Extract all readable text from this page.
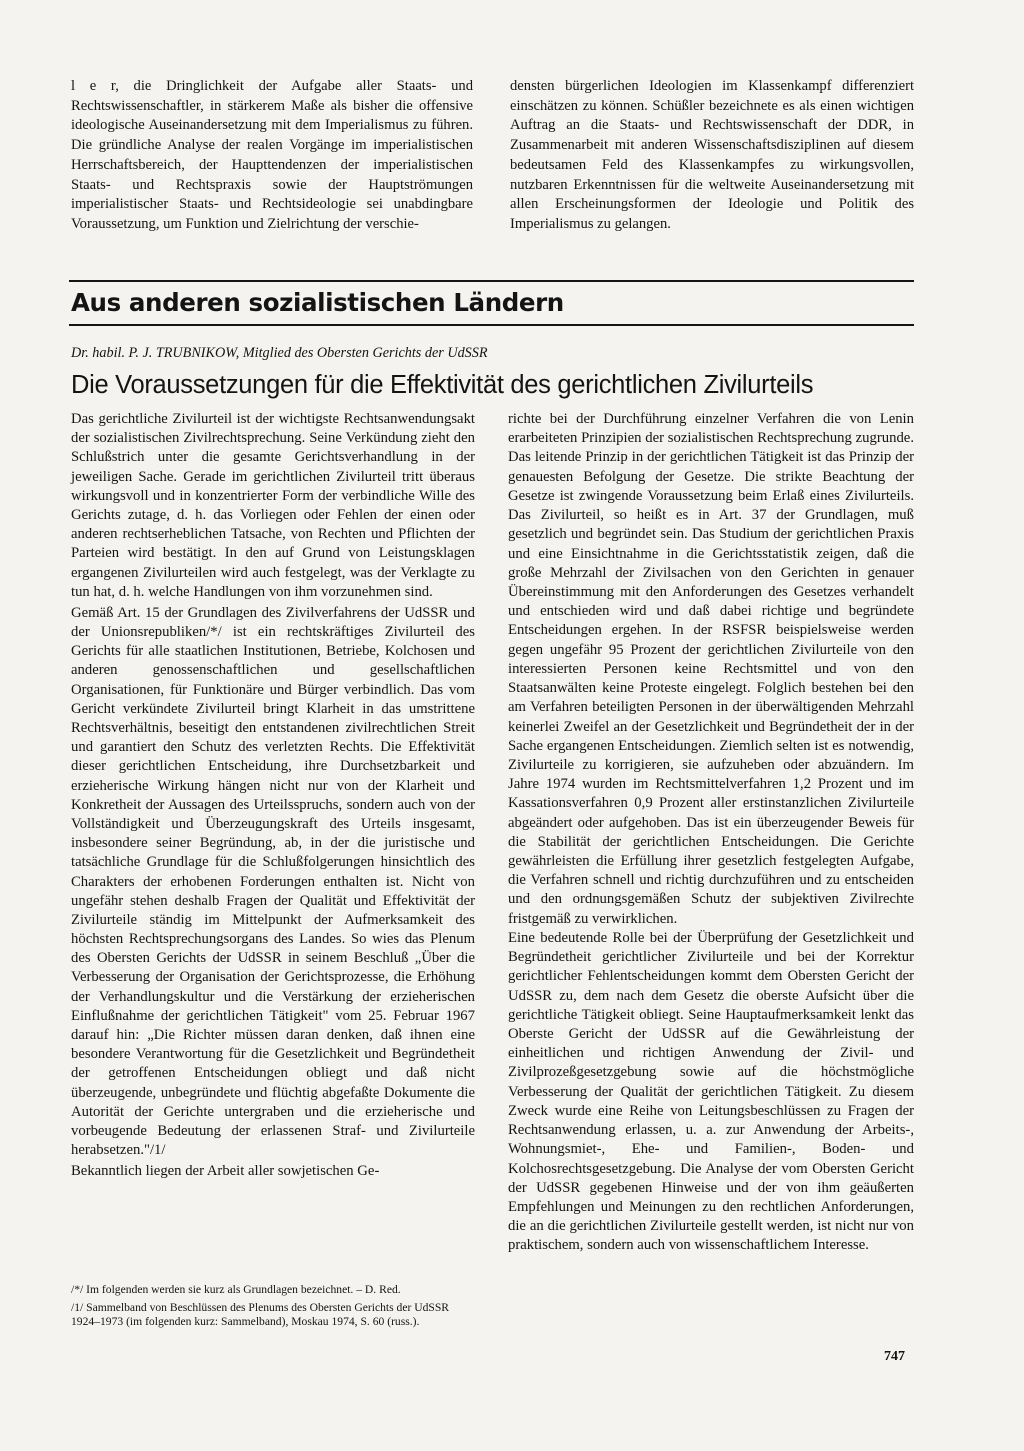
l e r, die Dringlichkeit der Aufgabe aller Staats- und Rechtswissenschaftler, in stärkerem Maße als bisher die offensive ideologische Auseinandersetzung mit dem Imperialismus zu führen. Die gründliche Analyse der realen Vorgänge im imperialistischen Herrschaftsbereich, der Haupttendenzen der imperialistischen Staats- und Rechtspraxis sowie der Hauptströmungen imperialistischer Staats- und Rechtsideologie sei unabdingbare Voraussetzung, um Funktion und Zielrichtung der verschie-

densten bürgerlichen Ideologien im Klassenkampf differenziert einschätzen zu können. Schüßler bezeichnete es als einen wichtigen Auftrag an die Staats- und Rechtswissenschaft der DDR, in Zusammenarbeit mit anderen Wissenschaftsdisziplinen auf diesem bedeutsamen Feld des Klassenkampfes zu wirkungsvollen, nutzbaren Erkenntnissen für die weltweite Auseinandersetzung mit allen Erscheinungsformen der Ideologie und Politik des Imperialismus zu gelangen.

Aus anderen sozialistischen Ländern

Dr. habil. P. J. TRUBNIKOW, Mitglied des Obersten Gerichts der UdSSR

Die Voraussetzungen für die Effektivität des gerichtlichen Zivilurteils

Das gerichtliche Zivilurteil ist der wichtigste Rechtsanwendungsakt der sozialistischen Zivilrechtsprechung. Seine Verkündung zieht den Schlußstrich unter die gesamte Gerichtsverhandlung in der jeweiligen Sache. Gerade im gerichtlichen Zivilurteil tritt überaus wirkungsvoll und in konzentrierter Form der verbindliche Wille des Gerichts zutage, d. h. das Vorliegen oder Fehlen der einen oder anderen rechtserheblichen Tatsache, von Rechten und Pflichten der Parteien wird bestätigt. In den auf Grund von Leistungsklagen ergangenen Zivilurteilen wird auch festgelegt, was der Verklagte zu tun hat, d. h. welche Handlungen von ihm vorzunehmen sind.

Gemäß Art. 15 der Grundlagen des Zivilverfahrens der UdSSR und der Unionsrepubliken/*/ ist ein rechtskräftiges Zivilurteil des Gerichts für alle staatlichen Institutionen, Betriebe, Kolchosen und anderen genossenschaftlichen und gesellschaftlichen Organisationen, für Funktionäre und Bürger verbindlich. Das vom Gericht verkündete Zivilurteil bringt Klarheit in das umstrittene Rechtsverhältnis, beseitigt den entstandenen zivilrechtlichen Streit und garantiert den Schutz des verletzten Rechts. Die Effektivität dieser gerichtlichen Entscheidung, ihre Durchsetzbarkeit und erzieherische Wirkung hängen nicht nur von der Klarheit und Konkretheit der Aussagen des Urteilsspruchs, sondern auch von der Vollständigkeit und Überzeugungskraft des Urteils insgesamt, insbesondere seiner Begründung, ab, in der die juristische und tatsächliche Grundlage für die Schlußfolgerungen hinsichtlich des Charakters der erhobenen Forderungen enthalten ist. Nicht von ungefähr stehen deshalb Fragen der Qualität und Effektivität der Zivilurteile ständig im Mittelpunkt der Aufmerksamkeit des höchsten Rechtsprechungsorgans des Landes. So wies das Plenum des Obersten Gerichts der UdSSR in seinem Beschluß „Über die Verbesserung der Organisation der Gerichtsprozesse, die Erhöhung der Verhandlungskultur und die Verstärkung der erzieherischen Einflußnahme der gerichtlichen Tätigkeit" vom 25. Februar 1967 darauf hin: „Die Richter müssen daran denken, daß ihnen eine besondere Verantwortung für die Gesetzlichkeit und Begründetheit der getroffenen Entscheidungen obliegt und daß nicht überzeugende, unbegründete und flüchtig abgefaßte Dokumente die Autorität der Gerichte untergraben und die erzieherische und vorbeugende Bedeutung der erlassenen Straf- und Zivilurteile herabsetzen."/1/

Bekanntlich liegen der Arbeit aller sowjetischen Ge-

/*/ Im folgenden werden sie kurz als Grundlagen bezeichnet. – D. Red.

/1/ Sammelband von Beschlüssen des Plenums des Obersten Gerichts der UdSSR 1924–1973 (im folgenden kurz: Sammelband), Moskau 1974, S. 60 (russ.).

richte bei der Durchführung einzelner Verfahren die von Lenin erarbeiteten Prinzipien der sozialistischen Rechtsprechung zugrunde. Das leitende Prinzip in der gerichtlichen Tätigkeit ist das Prinzip der genauesten Befolgung der Gesetze. Die strikte Beachtung der Gesetze ist zwingende Voraussetzung beim Erlaß eines Zivilurteils. Das Zivilurteil, so heißt es in Art. 37 der Grundlagen, muß gesetzlich und begründet sein. Das Studium der gerichtlichen Praxis und eine Einsichtnahme in die Gerichtsstatistik zeigen, daß die große Mehrzahl der Zivilsachen von den Gerichten in genauer Übereinstimmung mit den Anforderungen des Gesetzes verhandelt und entschieden wird und daß dabei richtige und begründete Entscheidungen ergehen. In der RSFSR beispielsweise werden gegen ungefähr 95 Prozent der gerichtlichen Zivilurteile von den interessierten Personen keine Rechtsmittel und von den Staatsanwälten keine Proteste eingelegt. Folglich bestehen bei den am Verfahren beteiligten Personen in der überwältigenden Mehrzahl keinerlei Zweifel an der Gesetzlichkeit und Begründetheit der in der Sache ergangenen Entscheidungen. Ziemlich selten ist es notwendig, Zivilurteile zu korrigieren, sie aufzuheben oder abzuändern. Im Jahre 1974 wurden im Rechtsmittelverfahren 1,2 Prozent und im Kassationsverfahren 0,9 Prozent aller erstinstanzlichen Zivilurteile abgeändert oder aufgehoben. Das ist ein überzeugender Beweis für die Stabilität der gerichtlichen Entscheidungen. Die Gerichte gewährleisten die Erfüllung ihrer gesetzlich festgelegten Aufgabe, die Verfahren schnell und richtig durchzuführen und zu entscheiden und den ordnungsgemäßen Schutz der subjektiven Zivilrechte fristgemäß zu verwirklichen.

Eine bedeutende Rolle bei der Überprüfung der Gesetzlichkeit und Begründetheit gerichtlicher Zivilurteile und bei der Korrektur gerichtlicher Fehlentscheidungen kommt dem Obersten Gericht der UdSSR zu, dem nach dem Gesetz die oberste Aufsicht über die gerichtliche Tätigkeit obliegt. Seine Hauptaufmerksamkeit lenkt das Oberste Gericht der UdSSR auf die Gewährleistung der einheitlichen und richtigen Anwendung der Zivil- und Zivilprozeßgesetzgebung sowie auf die höchstmögliche Verbesserung der Qualität der gerichtlichen Tätigkeit. Zu diesem Zweck wurde eine Reihe von Leitungsbeschlüssen zu Fragen der Rechtsanwendung erlassen, u. a. zur Anwendung der Arbeits-, Wohnungsmiet-, Ehe- und Familien-, Boden- und Kolchosrechtsgesetzgebung. Die Analyse der vom Obersten Gericht der UdSSR gegebenen Hinweise und der von ihm geäußerten Empfehlungen und Meinungen zu den rechtlichen Anforderungen, die an die gerichtlichen Zivilurteile gestellt werden, ist nicht nur von praktischem, sondern auch von wissenschaftlichem Interesse.

747
